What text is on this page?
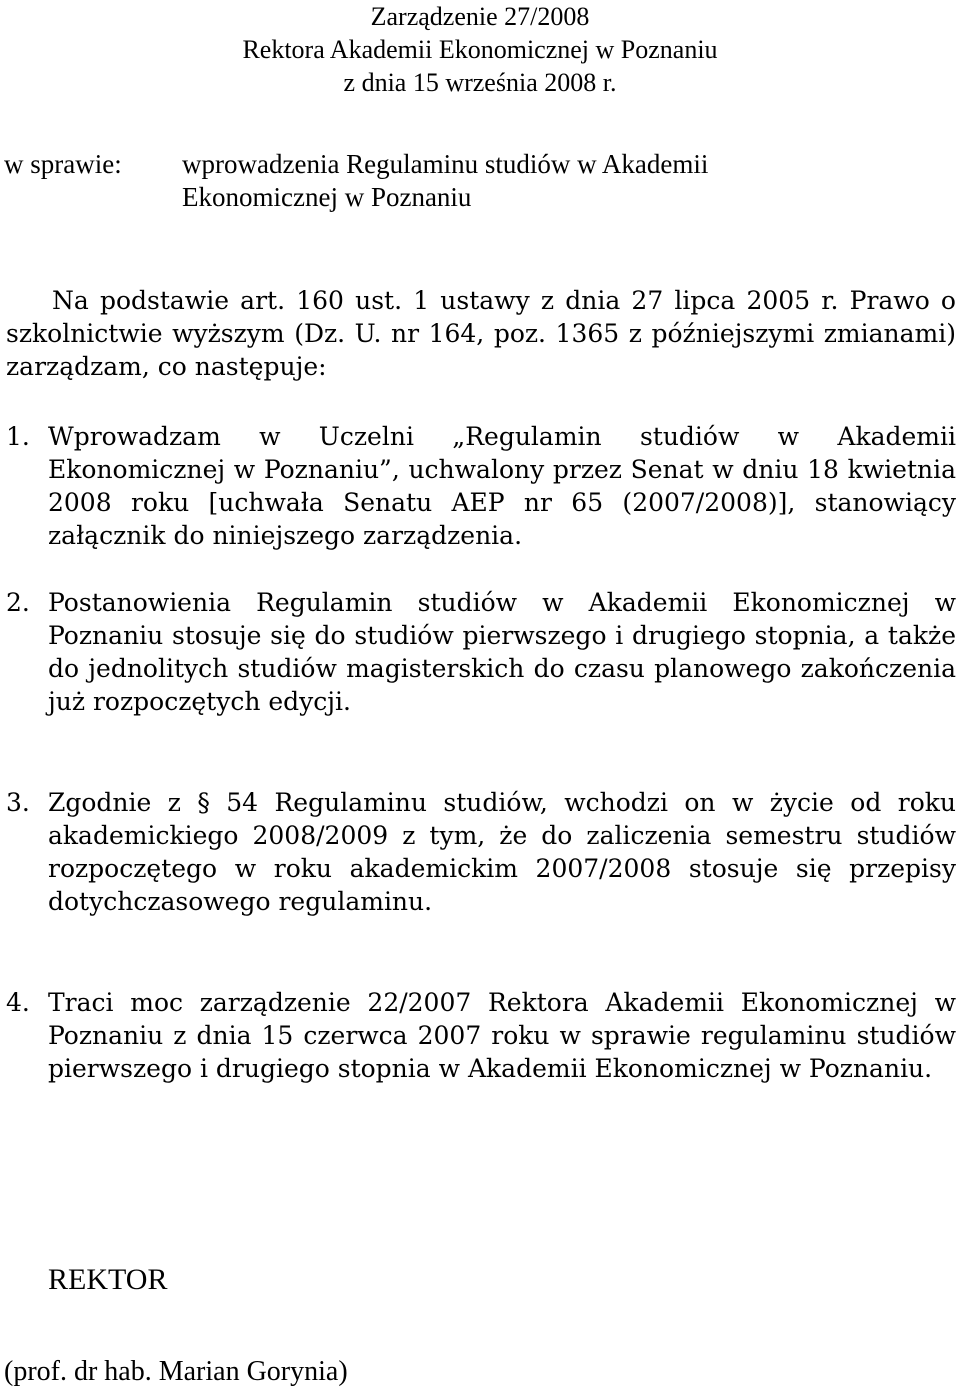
Zarządzenie 27/2008
Rektora Akademii Ekonomicznej w Poznaniu
z dnia 15 września 2008 r.
w sprawie: wprowadzenia Regulaminu studiów w Akademii
Ekonomicznej w Poznaniu
Na podstawie art. 160 ust. 1 ustawy z dnia 27 lipca 2005 r. Prawo o szkolnictwie wyższym (Dz. U. nr 164, poz. 1365 z późniejszymi zmianami) zarządzam, co następuje:
1. Wprowadzam w Uczelni „Regulamin studiów w Akademii Ekonomicznej w Poznaniu”, uchwalony przez Senat w dniu 18 kwietnia 2008 roku [uchwała Senatu AEP nr 65 (2007/2008)], stanowiący załącznik do niniejszego zarządzenia.
2. Postanowienia Regulamin studiów w Akademii Ekonomicznej w Poznaniu stosuje się do studiów pierwszego i drugiego stopnia, a także do jednolitych studiów magisterskich do czasu planowego zakończenia już rozpoczętych edycji.
3. Zgodnie z § 54 Regulaminu studiów, wchodzi on w życie od roku akademickiego 2008/2009 z tym, że do zaliczenia semestru studiów rozpoczętego w roku akademickim 2007/2008 stosuje się przepisy dotychczasowego regulaminu.
4. Traci moc zarządzenie 22/2007 Rektora Akademii Ekonomicznej w Poznaniu z dnia 15 czerwca 2007 roku w sprawie regulaminu studiów pierwszego i drugiego stopnia w Akademii Ekonomicznej w Poznaniu.
REKTOR
(prof. dr hab. Marian Gorynia)
